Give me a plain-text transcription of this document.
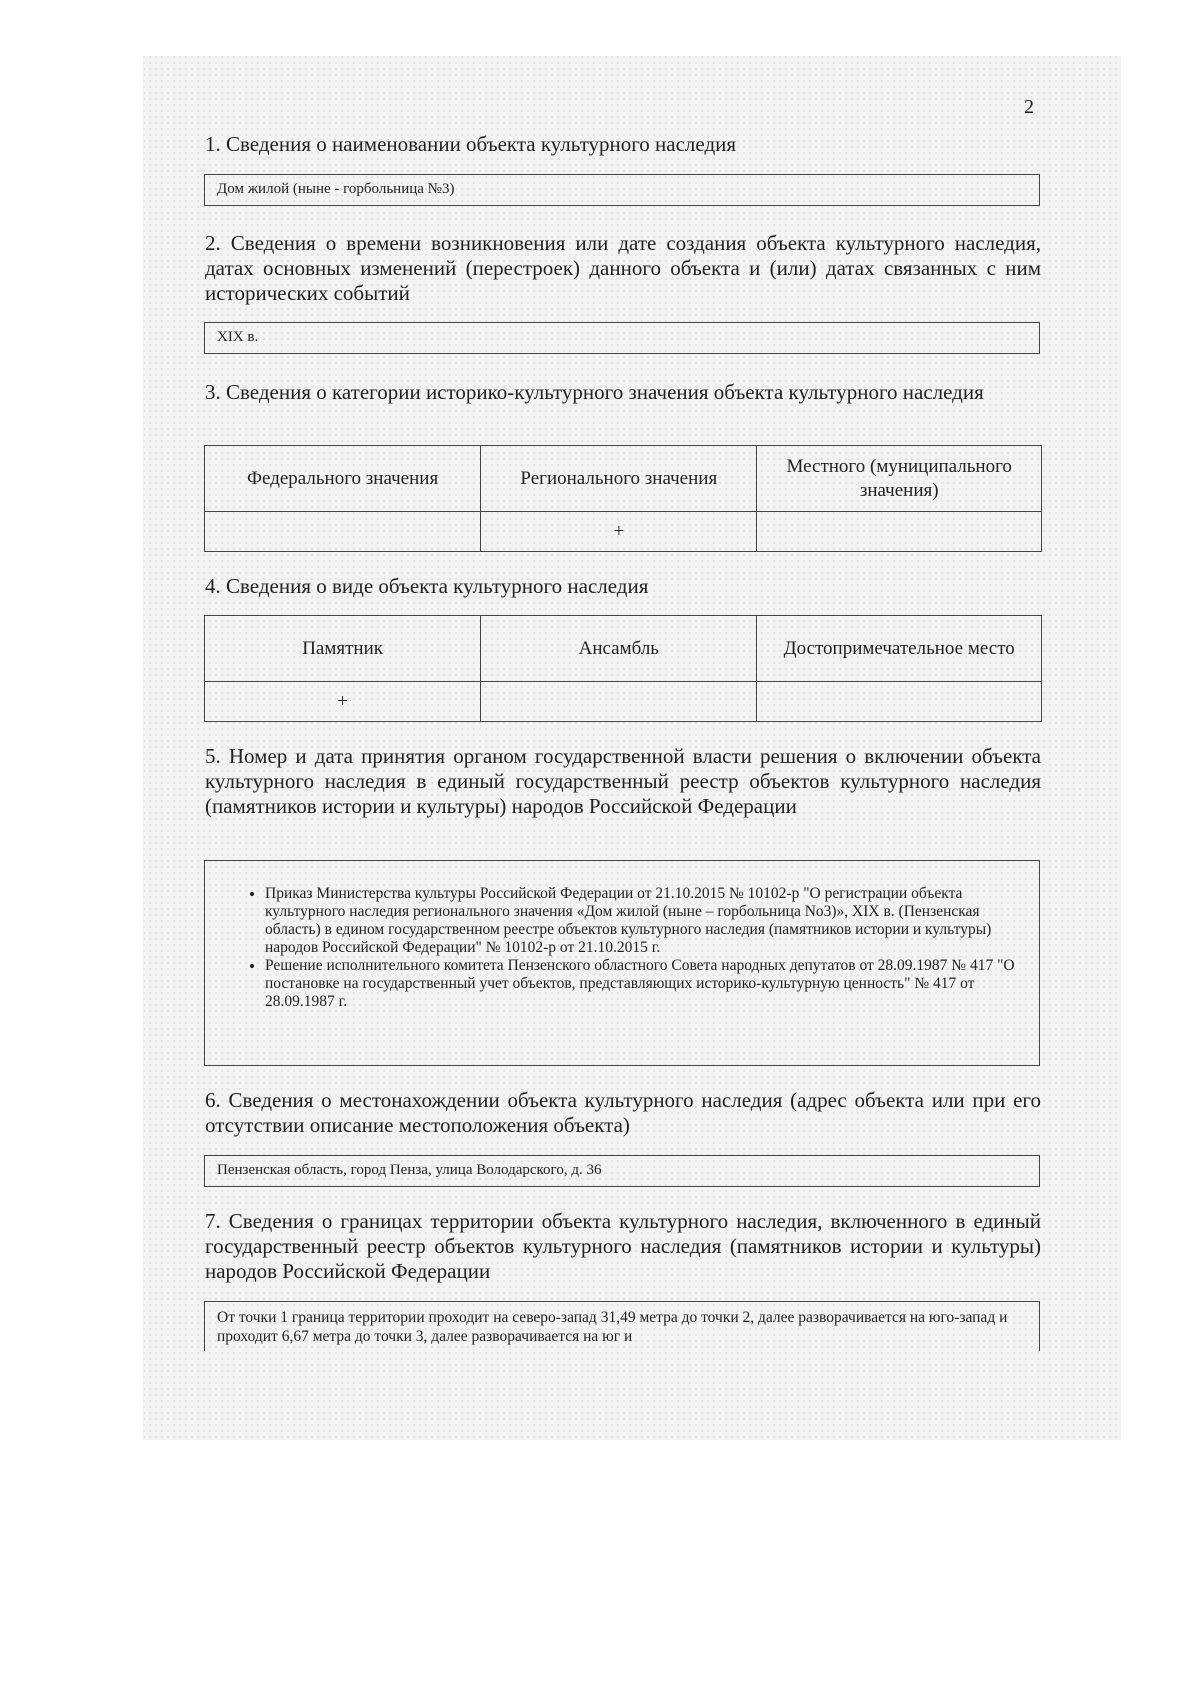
2
1. Сведения о наименовании объекта культурного наследия
Дом жилой (ныне - горбольница №3)
2. Сведения о времени возникновения или дате создания объекта культурного наследия, датах основных изменений (перестроек) данного объекта и (или) датах связанных с ним исторических событий
XIX в.
3. Сведения о категории историко-культурного значения объекта культурного наследия
Федерального значения	Регионального значения	Местного (муниципального значения)
	+	
4. Сведения о виде объекта культурного наследия
Памятник	Ансамбль	Достопримечательное место
+		
5. Номер и дата принятия органом государственной власти решения о включении объекта культурного наследия в единый государственный реестр объектов культурного наследия (памятников истории и культуры) народов Российской Федерации
• Приказ Министерства культуры Российской Федерации от 21.10.2015 № 10102-р "О регистрации объекта культурного наследия регионального значения «Дом жилой (ныне – горбольница No3)», XIX в. (Пензенская область) в едином государственном реестре объектов культурного наследия (памятников истории и культуры) народов Российской Федерации" № 10102-р от 21.10.2015 г.
• Решение исполнительного комитета Пензенского областного Совета народных депутатов от 28.09.1987 № 417 "О постановке на государственный учет объектов, представляющих историко-культурную ценность" № 417 от 28.09.1987 г.
6. Сведения о местонахождении объекта культурного наследия (адрес объекта или при его отсутствии описание местоположения объекта)
Пензенская область, город Пенза, улица Володарского, д. 36
7. Сведения о границах территории объекта культурного наследия, включенного в единый государственный реестр объектов культурного наследия (памятников истории и культуры) народов Российской Федерации
От точки 1 граница территории проходит на северо-запад 31,49 метра до точки 2, далее разворачивается на юго-запад и проходит 6,67 метра до точки 3, далее разворачивается на юг и
